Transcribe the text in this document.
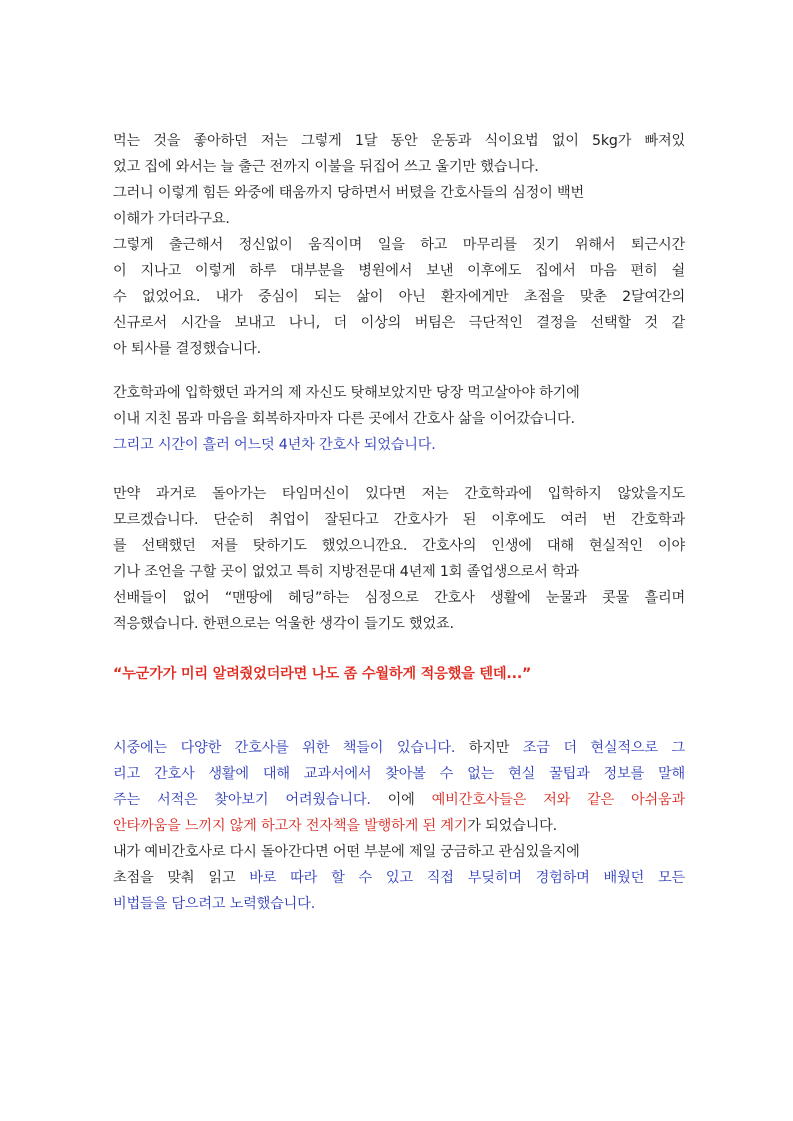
먹는 것을 좋아하던 저는 그렇게 1달 동안 운동과 식이요법 없이 5kg가 빠져있
었고 집에 와서는 늘 출근 전까지 이불을 뒤집어 쓰고 울기만 했습니다.
그러니 이렇게 힘든 와중에 태움까지 당하면서 버텼을 간호사들의 심정이 백번
이해가 가더라구요.
그렇게 출근해서 정신없이 움직이며 일을 하고 마무리를 짓기 위해서 퇴근시간
이 지나고 이렇게 하루 대부분을 병원에서 보낸 이후에도 집에서 마음 편히 쉴
수 없었어요. 내가 중심이 되는 삶이 아닌 환자에게만 초점을 맞춘 2달여간의
신규로서 시간을 보내고 나니, 더 이상의 버팀은 극단적인 결정을 선택할 것 같
아 퇴사를 결정했습니다.
간호학과에 입학했던 과거의 제 자신도 탓해보았지만 당장 먹고살아야 하기에
이내 지친 몸과 마음을 회복하자마자 다른 곳에서 간호사 삶을 이어갔습니다.
그리고 시간이 흘러 어느덧 4년차 간호사 되었습니다.
만약 과거로 돌아가는 타임머신이 있다면 저는 간호학과에 입학하지 않았을지도
모르겠습니다. 단순히 취업이 잘된다고 간호사가 된 이후에도 여러 번 간호학과
를 선택했던 저를 탓하기도 했었으니깐요. 간호사의 인생에 대해 현실적인 이야
기나 조언을 구할 곳이 없었고 특히 지방전문대 4년제 1회 졸업생으로서 학과
선배들이 없어 “맨땅에 헤딩”하는 심정으로 간호사 생활에 눈물과 콧물 흘리며
적응했습니다. 한편으로는 억울한 생각이 들기도 했었죠.
“누군가가 미리 알려줬었더라면 나도 좀 수월하게 적응했을 텐데...”
시중에는 다양한 간호사를 위한 책들이 있습니다. 하지만 조금 더 현실적으로 그
리고 간호사 생활에 대해 교과서에서 찾아볼 수 없는 현실 꿀팁과 정보를 말해
주는 서적은 찾아보기 어려웠습니다. 이에 예비간호사들은 저와 같은 아쉬움과
안타까움을 느끼지 않게 하고자 전자책을 발행하게 된 계기가 되었습니다.
내가 예비간호사로 다시 돌아간다면 어떤 부분에 제일 궁금하고 관심있을지에
초점을 맞춰 읽고 바로 따라 할 수 있고 직접 부딪히며 경험하며 배웠던 모든
비법들을 담으려고 노력했습니다.
